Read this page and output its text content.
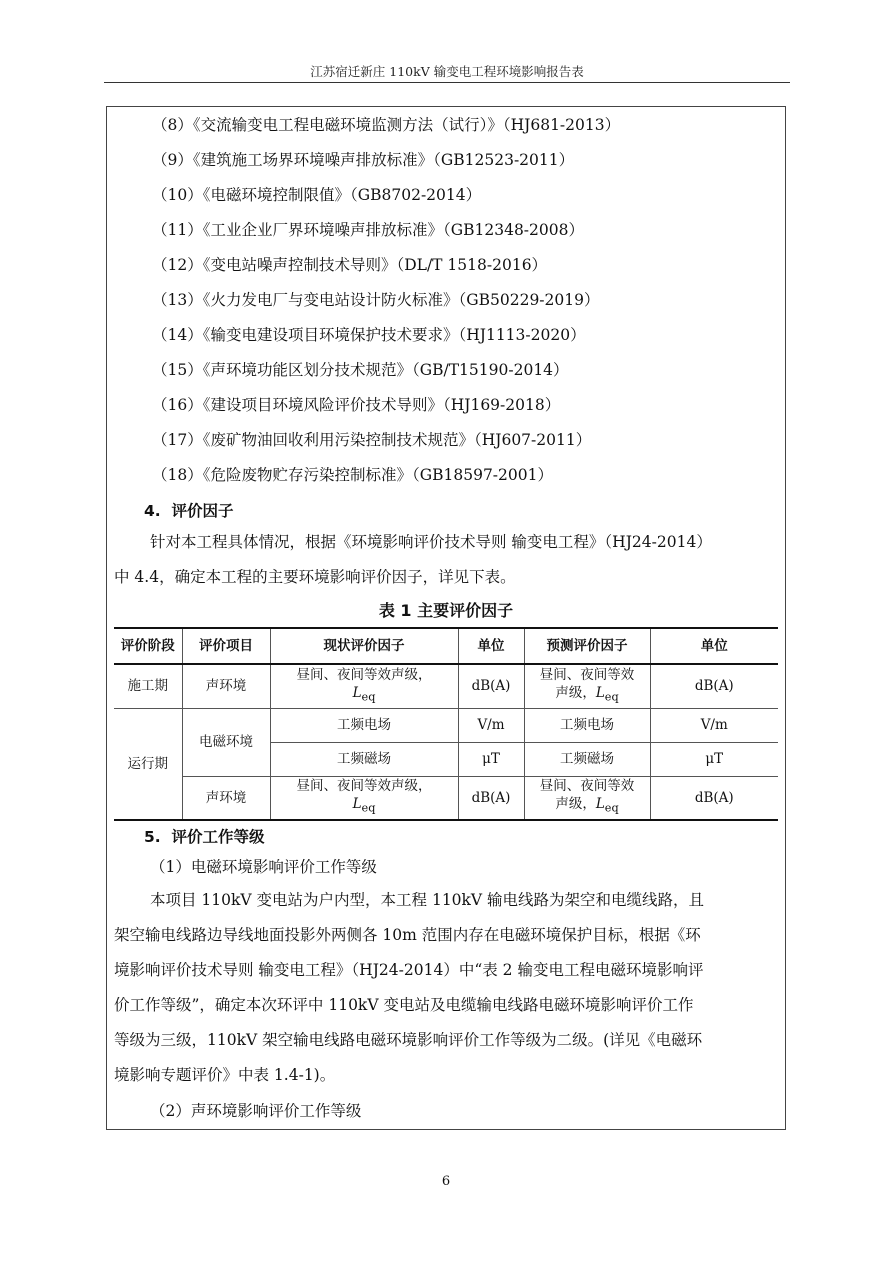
江苏宿迁新庄 110kV 输变电工程环境影响报告表
（8）《交流输变电工程电磁环境监测方法（试行）》（HJ681-2013）
（9）《建筑施工场界环境噪声排放标准》（GB12523-2011）
（10）《电磁环境控制限值》（GB8702-2014）
（11）《工业企业厂界环境噪声排放标准》（GB12348-2008）
（12）《变电站噪声控制技术导则》（DL/T 1518-2016）
（13）《火力发电厂与变电站设计防火标准》（GB50229-2019）
（14）《输变电建设项目环境保护技术要求》（HJ1113-2020）
（15）《声环境功能区划分技术规范》（GB/T15190-2014）
（16）《建设项目环境风险评价技术导则》（HJ169-2018）
（17）《废矿物油回收利用污染控制技术规范》（HJ607-2011）
（18）《危险废物贮存污染控制标准》（GB18597-2001）
4.  评价因子
针对本工程具体情况，根据《环境影响评价技术导则 输变电工程》（HJ24-2014）
中 4.4，确定本工程的主要环境影响评价因子，详见下表。
表 1 主要评价因子
评价阶段	评价项目	现状评价因子	单位	预测评价因子	单位
施工期	声环境	昼间、夜间等效声级，
$L_{eq}$	dB(A)	昼间、夜间等效
声级，$L_{eq}$	dB(A)
运行期	电磁环境	工频电场	V/m	工频电场	V/m
		工频磁场	μT	工频磁场	μT
	声环境	昼间、夜间等效声级，
$L_{eq}$	dB(A)	昼间、夜间等效
声级，$L_{eq}$	dB(A)
5.  评价工作等级
（1）电磁环境影响评价工作等级
本项目 110kV 变电站为户内型，本工程 110kV 输电线路为架空和电缆线路，且
架空输电线路边导线地面投影外两侧各 10m 范围内存在电磁环境保护目标，根据《环
境影响评价技术导则 输变电工程》（HJ24-2014）中“表 2 输变电工程电磁环境影响评
价工作等级”，确定本次环评中 110kV 变电站及电缆输电线路电磁环境影响评价工作
等级为三级，110kV 架空输电线路电磁环境影响评价工作等级为二级。(详见《电磁环
境影响专题评价》中表 1.4-1)。
（2）声环境影响评价工作等级
6
